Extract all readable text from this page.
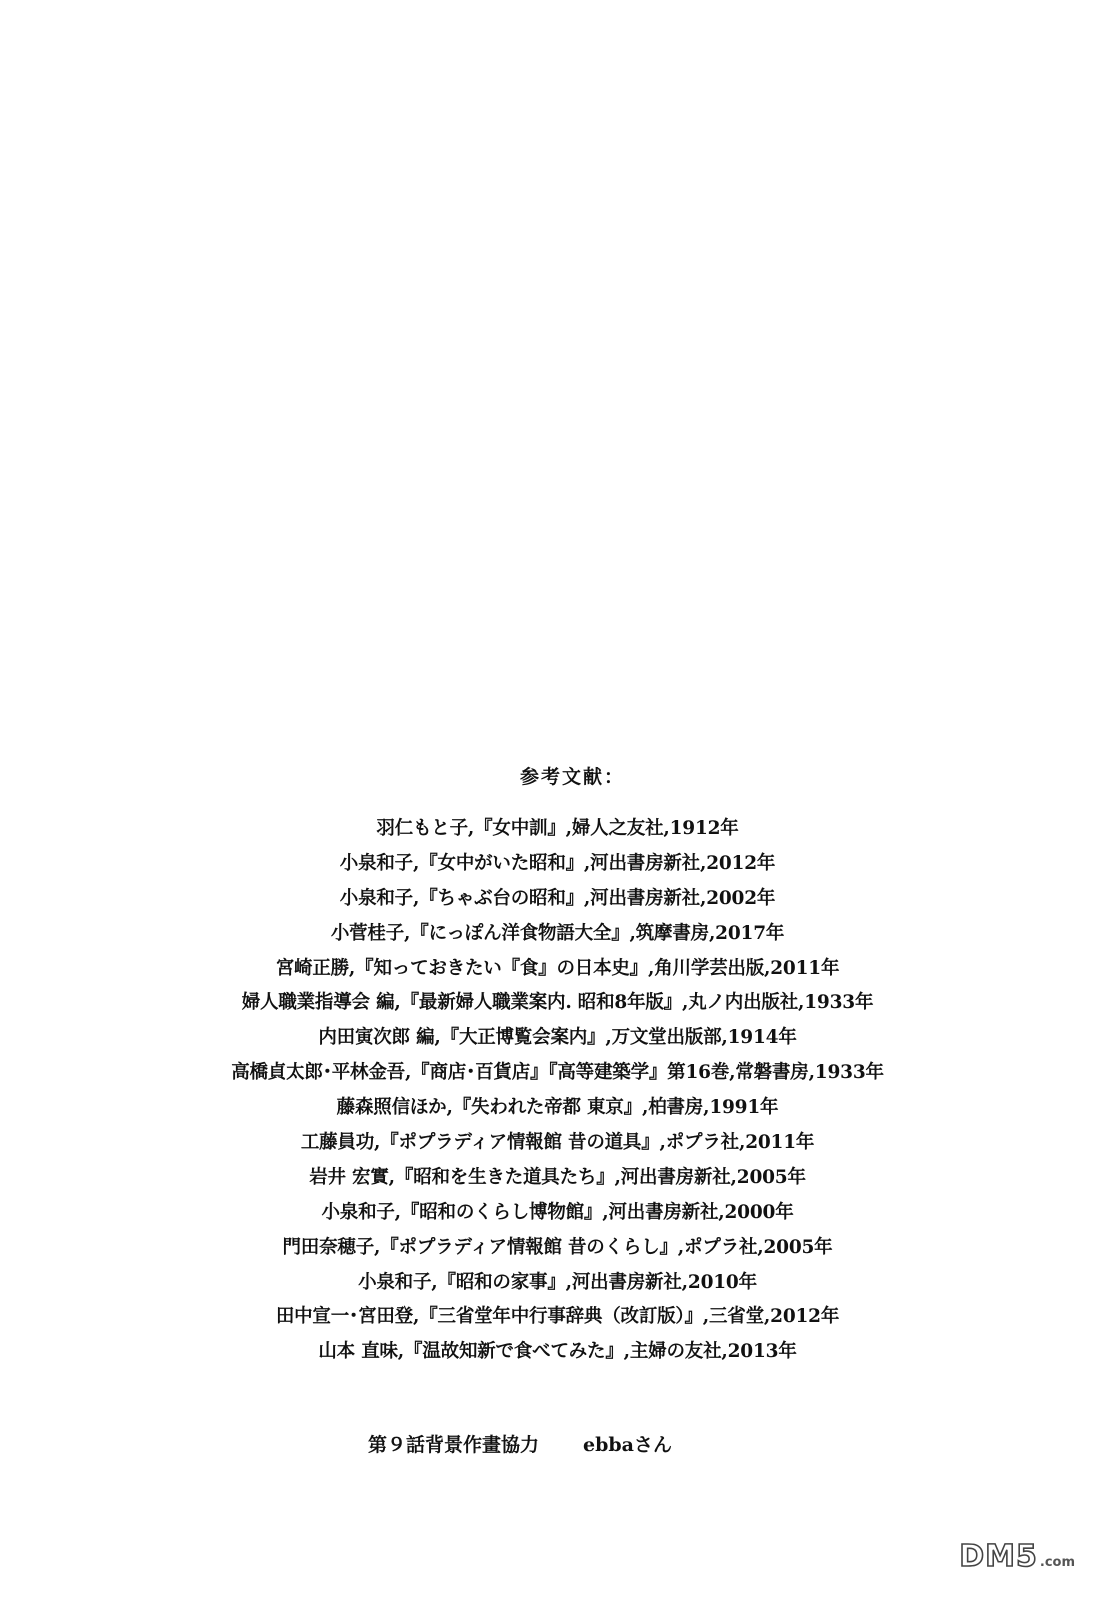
参考文献：
羽仁もと子,『女中訓』,婦人之友社,1912年
小泉和子,『女中がいた昭和』,河出書房新社,2012年
小泉和子,『ちゃぶ台の昭和』,河出書房新社,2002年
小菅桂子,『にっぽん洋食物語大全』,筑摩書房,2017年
宮崎正勝,『知っておきたい『食』の日本史』,角川学芸出版,2011年
婦人職業指導会 編,『最新婦人職業案内. 昭和8年版』,丸ノ内出版社,1933年
内田寅次郎 編,『大正博覧会案内』,万文堂出版部,1914年
高橋貞太郎･平林金吾,『商店･百貨店』『高等建築学』第16巻,常磐書房,1933年
藤森照信ほか,『失われた帝都 東京』,柏書房,1991年
工藤員功,『ポプラディア情報館 昔の道具』,ポプラ社,2011年
岩井 宏實,『昭和を生きた道具たち』,河出書房新社,2005年
小泉和子,『昭和のくらし博物館』,河出書房新社,2000年
門田奈穂子,『ポプラディア情報館 昔のくらし』,ポプラ社,2005年
小泉和子,『昭和の家事』,河出書房新社,2010年
田中宣一･宮田登,『三省堂年中行事辞典（改訂版）』,三省堂,2012年
山本 直味,『温故知新で食べてみた』,主婦の友社,2013年
第９話背景作畫協力 ebbaさん
DM5 .com
